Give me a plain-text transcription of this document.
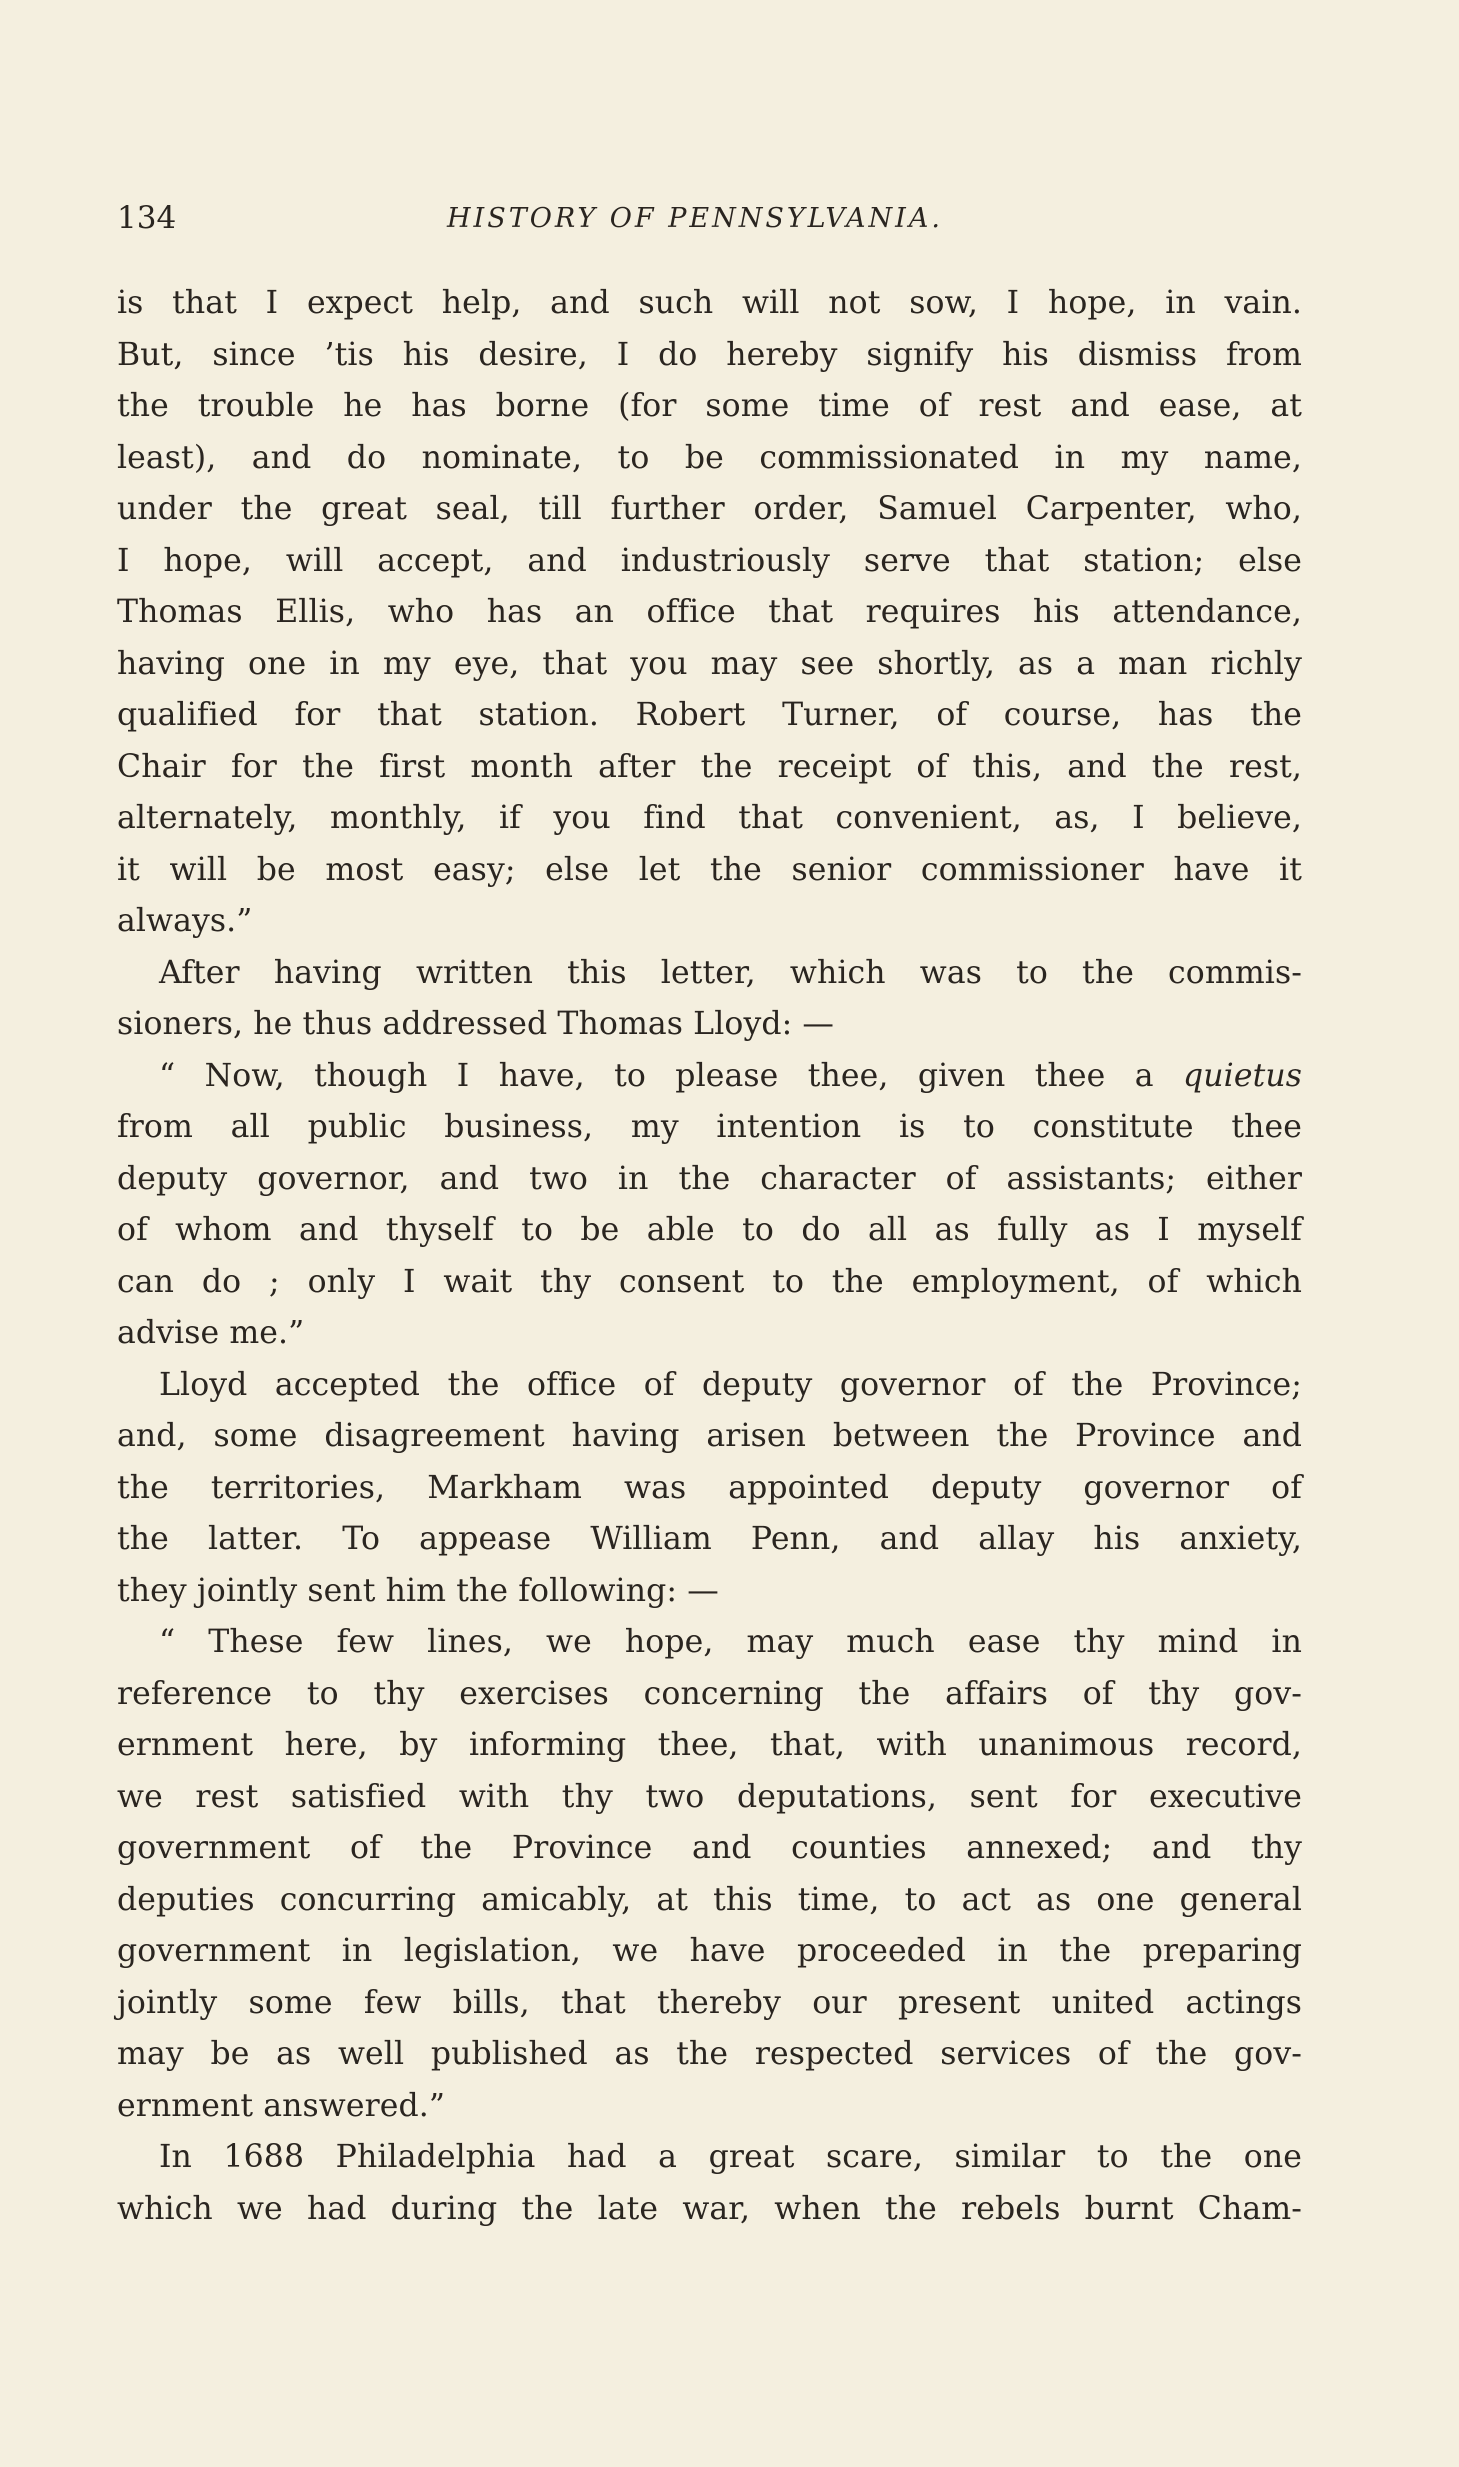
134	HISTORY OF PENNSYLVANIA.
is that I expect help, and such will not sow, I hope, in vain.
But, since ’tis his desire, I do hereby signify his dismiss from
the trouble he has borne (for some time of rest and ease, at
least), and do nominate, to be commissionated in my name,
under the great seal, till further order, Samuel Carpenter, who,
I hope, will accept, and industriously serve that station; else
Thomas Ellis, who has an office that requires his attendance,
having one in my eye, that you may see shortly, as a man richly
qualified for that station. Robert Turner, of course, has the
Chair for the first month after the receipt of this, and the rest,
alternately, monthly, if you find that convenient, as, I believe,
it will be most easy; else let the senior commissioner have it
always.”
After having written this letter, which was to the commis-
sioners, he thus addressed Thomas Lloyd: —
“ Now, though I have, to please thee, given thee a quietus
from all public business, my intention is to constitute thee
deputy governor, and two in the character of assistants; either
of whom and thyself to be able to do all as fully as I myself
can do ; only I wait thy consent to the employment, of which
advise me.”
Lloyd accepted the office of deputy governor of the Province;
and, some disagreement having arisen between the Province and
the territories, Markham was appointed deputy governor of
the latter. To appease William Penn, and allay his anxiety,
they jointly sent him the following: —
“ These few lines, we hope, may much ease thy mind in
reference to thy exercises concerning the affairs of thy gov-
ernment here, by informing thee, that, with unanimous record,
we rest satisfied with thy two deputations, sent for executive
government of the Province and counties annexed; and thy
deputies concurring amicably, at this time, to act as one general
government in legislation, we have proceeded in the preparing
jointly some few bills, that thereby our present united actings
may be as well published as the respected services of the gov-
ernment answered.”
In 1688 Philadelphia had a great scare, similar to the one
which we had during the late war, when the rebels burnt Cham-
